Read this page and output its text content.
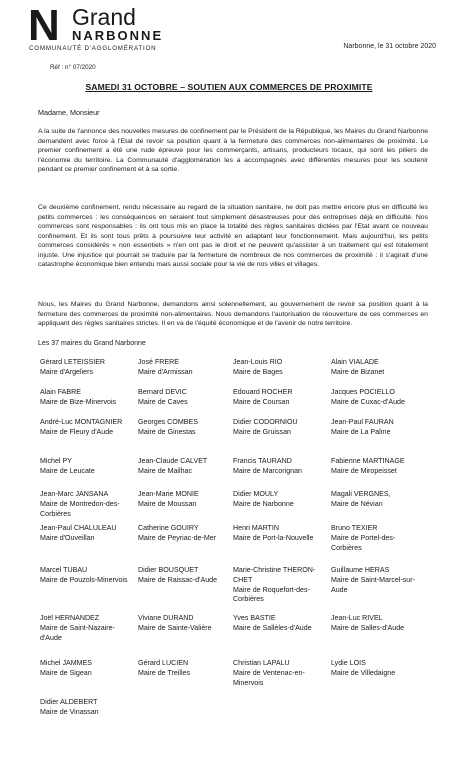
N Grand
NARBONNE
COMMUNAUTÉ D'AGGLOMÉRATION	Narbonne, le 31 octobre 2020
Réf : n° 07/2020
SAMEDI 31 OCTOBRE – SOUTIEN AUX COMMERCES DE PROXIMITE
Madame, Monsieur

A la suite de l'annonce des nouvelles mesures de confinement par le Président de la République, les Maires du Grand Narbonne demandent avec force à l'Etat de revoir sa position quant à la fermeture des commerces non-alimentaires de proximité. Le premier confinement a été une rude épreuve pour les commerçants, artisans, producteurs locaux, qui sont les piliers de l'économie du territoire. La Communauté d'agglomération les a accompagnés avec différentes mesures pour les soutenir pendant ce premier confinement et à sa sortie.

Ce deuxième confinement, rendu nécessaire au regard de la situation sanitaire, ne doit pas mettre encore plus en difficulté les petits commerces : les conséquences en seraient tout simplement désastreuses pour des entreprises déjà en difficulté. Nos commerces sont responsables : ils ont tous mis en place la totalité des règles sanitaires dictées par l'Etat avant ce nouveau confinement. Et ils sont tous prêts à poursuivre leur activité en adaptant leur fonctionnement. Mais aujourd'hui, les petits commerces considérés « non essentiels » n'en ont pas le droit et ne peuvent qu'assister à un traitement qui est totalement injuste. Une injustice qui pourrait se traduire par la fermeture de nombreux de nos commerces de proximité : il s'agirait d'une catastrophe économique bien entendu mais aussi sociale pour la vie de nos villes et villages.

Nous, les Maires du Grand Narbonne, demandons ainsi solennellement, au gouvernement de revoir sa position quant à la fermeture des commerces de proximité non-alimentaires. Nous demandons l'autorisation de réouverture de ces commerces en appliquant des règles sanitaires strictes. Il en va de l'équité économique et de l'avenir de notre territoire.

Les 37 maires du Grand Narbonne
Gérard LETEISSIER
Maire d'Argeliers
José FRERE
Maire d'Armissan
Jean-Louis RIO
Maire de Bages
Alain VIALADE
Maire de Bizanet
Alain FABRE
Maire de Bize-Minervois
Bernard DEVIC
Maire de Caves
Edouard ROCHER
Maire de Coursan
Jacques POCIELLO
Maire de Cuxac-d'Aude
André-Luc MONTAGNIER
Maire de Fleury d'Aude
Georges COMBES
Maire de Ginestas
Didier CODORNIOU
Maire de Gruissan
Jean-Paul FAURAN
Maire de La Palme
Michel PY
Maire de Leucate
Jean-Claude CALVET
Maire de Mailhac
Francis TAURAND
Maire de Marcorignan
Fabienne MARTINAGE
Maire de Miropeisset
Jean-Marc JANSANA
Maire de Montredon-des-Corbières
Jean-Marie MONIE
Maire de Moussan
Didier MOULY
Maire de Narbonne
Magali VERGNES,
Maire de Névian
Jean-Paul CHALULEAU
Maire d'Ouveillan
Catherine GOUIRY
Maire de Peyriac-de-Mer
Henri MARTIN
Maire de Port-la-Nouvelle
Bruno TEXIER
Maire de Portel-des-Corbières
Marcel TUBAU
Maire de Pouzols-Minervois
Didier BOUSQUET
Maire de Raissac-d'Aude
Marie-Christine THERON-CHET
Maire de Roquefort-des-Corbières
Guillaume HERAS
Maire de Saint-Marcel-sur-Aude
Joël HERNANDEZ
Maire de Saint-Nazaire-d'Aude
Viviane DURAND
Maire de Sainte-Valière
Yves BASTIE
Maire de Sallèles-d'Aude
Jean-Luc RIVEL
Maire de Salles-d'Aude
Michel JAMMES
Maire de Sigean
Gérard LUCIEN
Maire de Treilles
Christian LAPALU
Maire de Ventenac-en-Minervois
Lydie LOIS
Maire de Villedaigne
Didier ALDEBERT
Maire de Vinassan
